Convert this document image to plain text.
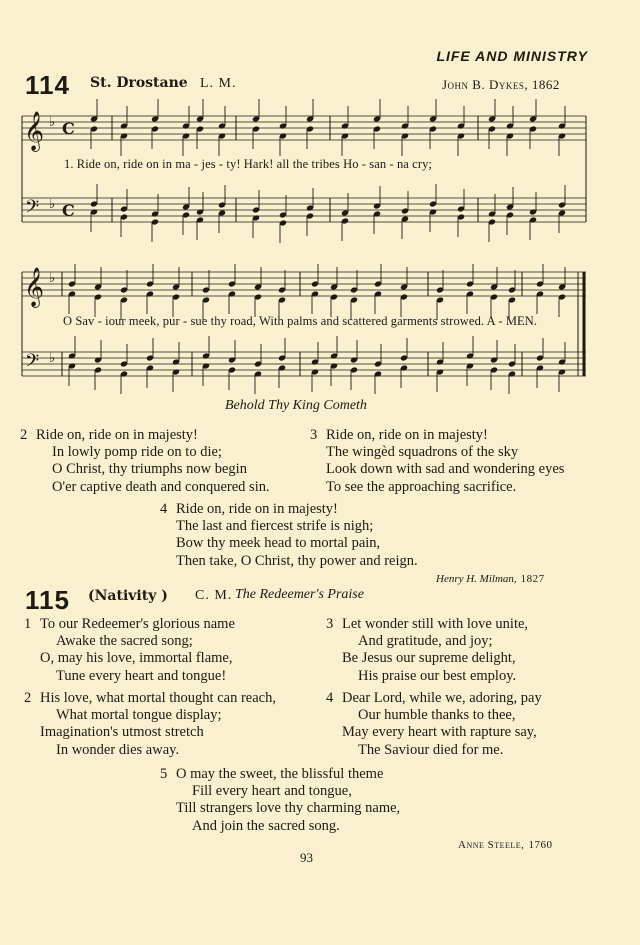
LIFE AND MINISTRY
114 St. Drostane L. M.	John B. Dykes, 1862
𝄞
𝄢
𝄞
𝄢
♭
♭
♭
♭
C
C
1. Ride on, ride on in ma - jes - ty! Hark! all the tribes Ho - san - na cry;
O Sav - iour meek, pur - sue thy road, With palms and scattered garments strowed. A - MEN.
Behold Thy King Cometh
2 Ride on, ride on in majesty!
In lowly pomp ride on to die;
O Christ, thy triumphs now begin
O'er captive death and conquered sin.
3 Ride on, ride on in majesty!
The wingèd squadrons of the sky
Look down with sad and wondering eyes
To see the approaching sacrifice.
4 Ride on, ride on in majesty!
The last and fiercest strife is nigh;
Bow thy meek head to mortal pain,
Then take, O Christ, thy power and reign.
Henry H. Milman, 1827
115 (Nativity ) C. M. The Redeemer's Praise
1 To our Redeemer's glorious name
Awake the sacred song;
O, may his love, immortal flame,
Tune every heart and tongue!
2 His love, what mortal thought can reach,
What mortal tongue display;
Imagination's utmost stretch
In wonder dies away.
3 Let wonder still with love unite,
And gratitude, and joy;
Be Jesus our supreme delight,
His praise our best employ.
4 Dear Lord, while we, adoring, pay
Our humble thanks to thee,
May every heart with rapture say,
The Saviour died for me.
5 O may the sweet, the blissful theme
Fill every heart and tongue,
Till strangers love thy charming name,
And join the sacred song.
Anne Steele, 1760
93
